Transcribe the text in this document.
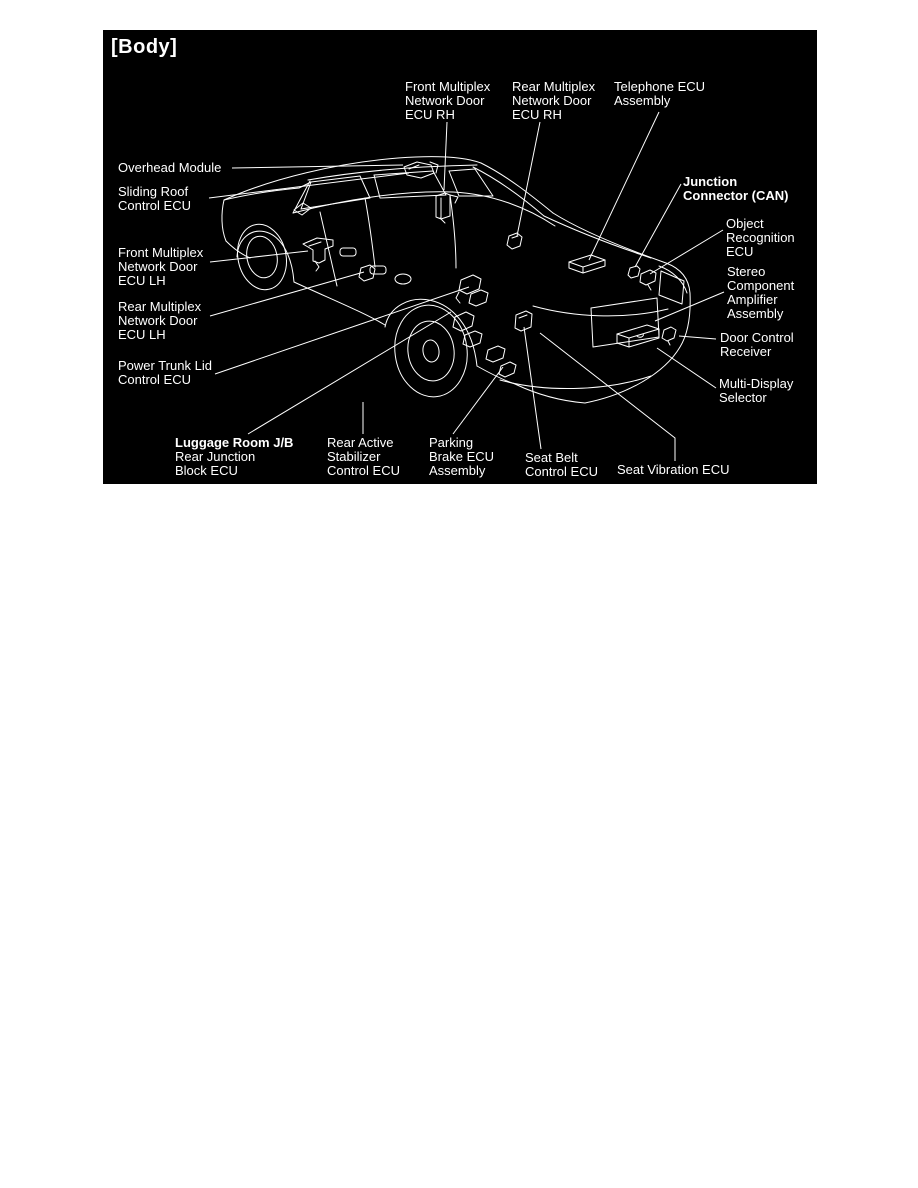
[Body]
Front Multiplex
Network Door
ECU RH
Rear Multiplex
Network Door
ECU RH
Telephone ECU
Assembly
Overhead Module
Sliding Roof
Control ECU
Front Multiplex
Network Door
ECU LH
Rear Multiplex
Network Door
ECU LH
Power Trunk Lid
Control ECU
Junction
Connector (CAN)
Object
Recognition
ECU
Stereo
Component
Amplifier
Assembly
Door Control
Receiver
Multi-Display
Selector
Luggage Room J/B
Rear Junction
Block ECU
Rear Active
Stabilizer
Control ECU
Parking
Brake ECU
Assembly
Seat Belt
Control ECU Seat Vibration ECU
